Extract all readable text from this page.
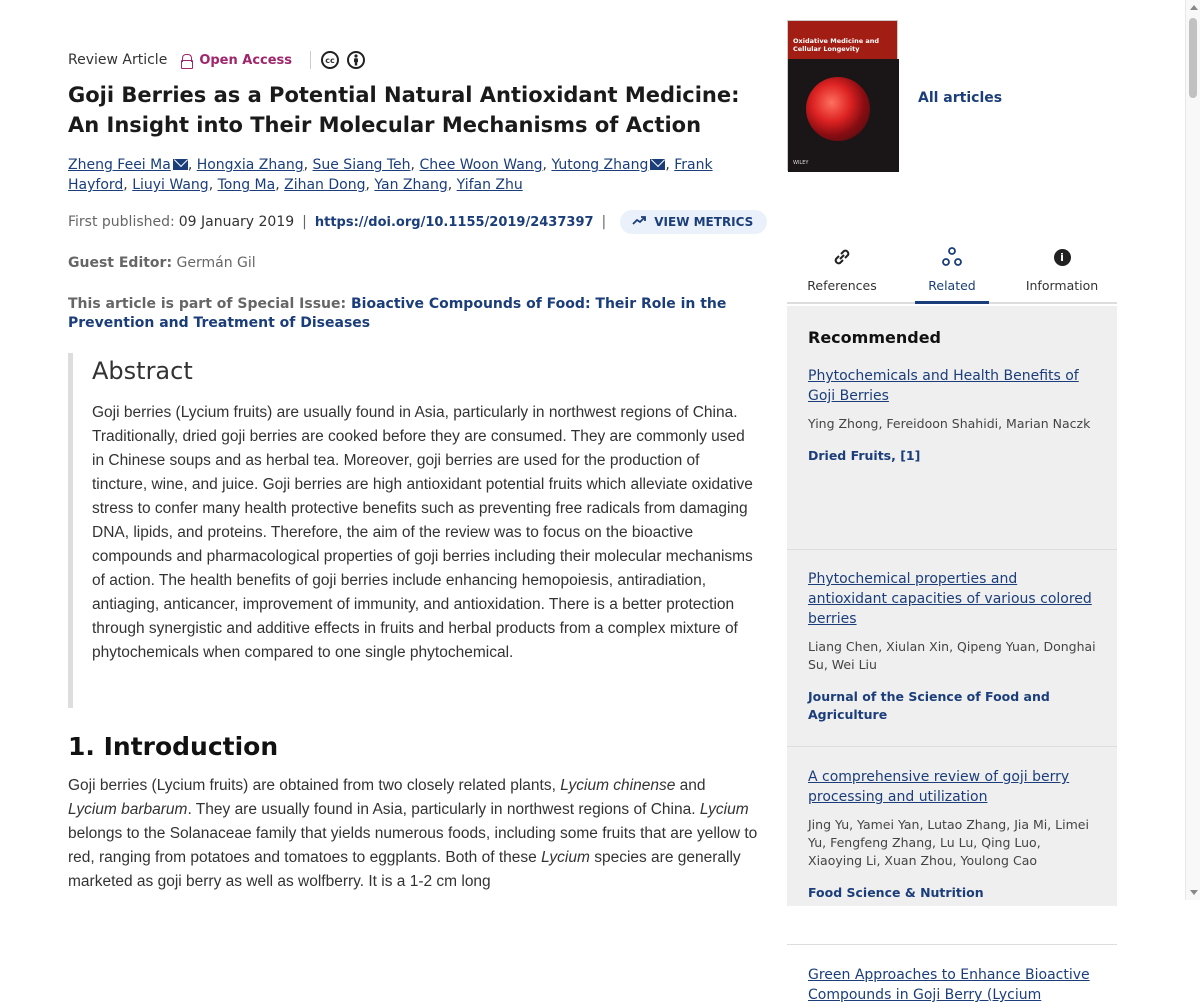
Review Article Open Access	cc
Goji Berries as a Potential Natural Antioxidant Medicine: An Insight into Their Molecular Mechanisms of Action
Zheng Feei Ma , Hongxia Zhang, Sue Siang Teh, Chee Woon Wang, Yutong Zhang , Frank Hayford, Liuyi Wang, Tong Ma, Zihan Dong, Yan Zhang, Yifan Zhu
First published: 09 January 2019 | https://doi.org/10.1155/2019/2437397 |	VIEW METRICS
Guest Editor: Germán Gil
This article is part of Special Issue: Bioactive Compounds of Food: Their Role in the Prevention and Treatment of Diseases
Abstract

Goji berries (Lycium fruits) are usually found in Asia, particularly in northwest regions of China. Traditionally, dried goji berries are cooked before they are consumed. They are commonly used in Chinese soups and as herbal tea. Moreover, goji berries are used for the production of tincture, wine, and juice. Goji berries are high antioxidant potential fruits which alleviate oxidative stress to confer many health protective benefits such as preventing free radicals from damaging DNA, lipids, and proteins. Therefore, the aim of the review was to focus on the bioactive compounds and pharmacological properties of goji berries including their molecular mechanisms of action. The health benefits of goji berries include enhancing hemopoiesis, antiradiation, antiaging, anticancer, improvement of immunity, and antioxidation. There is a better protection through synergistic and additive effects in fruits and herbal products from a complex mixture of phytochemicals when compared to one single phytochemical.

1. Introduction
Goji berries (Lycium fruits) are obtained from two closely related plants, Lycium chinense and Lycium barbarum. They are usually found in Asia, particularly in northwest regions of China. Lycium belongs to the Solanaceae family that yields numerous foods, including some fruits that are yellow to red, ranging from potatoes and tomatoes to eggplants. Both of these Lycium species are generally marketed as goji berry as well as wolfberry. It is a 1-2 cm long
Oxidative Medicine and Cellular Longevity
WILEY
All articles
References	Related
i
Information
Recommended
Phytochemicals and Health Benefits of Goji Berries
Ying Zhong, Fereidoon Shahidi, Marian Naczk
Dried Fruits, [1]
Phytochemical properties and antioxidant capacities of various colored berries
Liang Chen, Xiulan Xin, Qipeng Yuan, Donghai Su, Wei Liu
Journal of the Science of Food and Agriculture
A comprehensive review of goji berry processing and utilization
Jing Yu, Yamei Yan, Lutao Zhang, Jia Mi, Limei Yu, Fengfeng Zhang, Lu Lu, Qing Luo, Xiaoying Li, Xuan Zhou, Youlong Cao
Food Science & Nutrition
Green Approaches to Enhance Bioactive Compounds in Goji Berry (Lycium
